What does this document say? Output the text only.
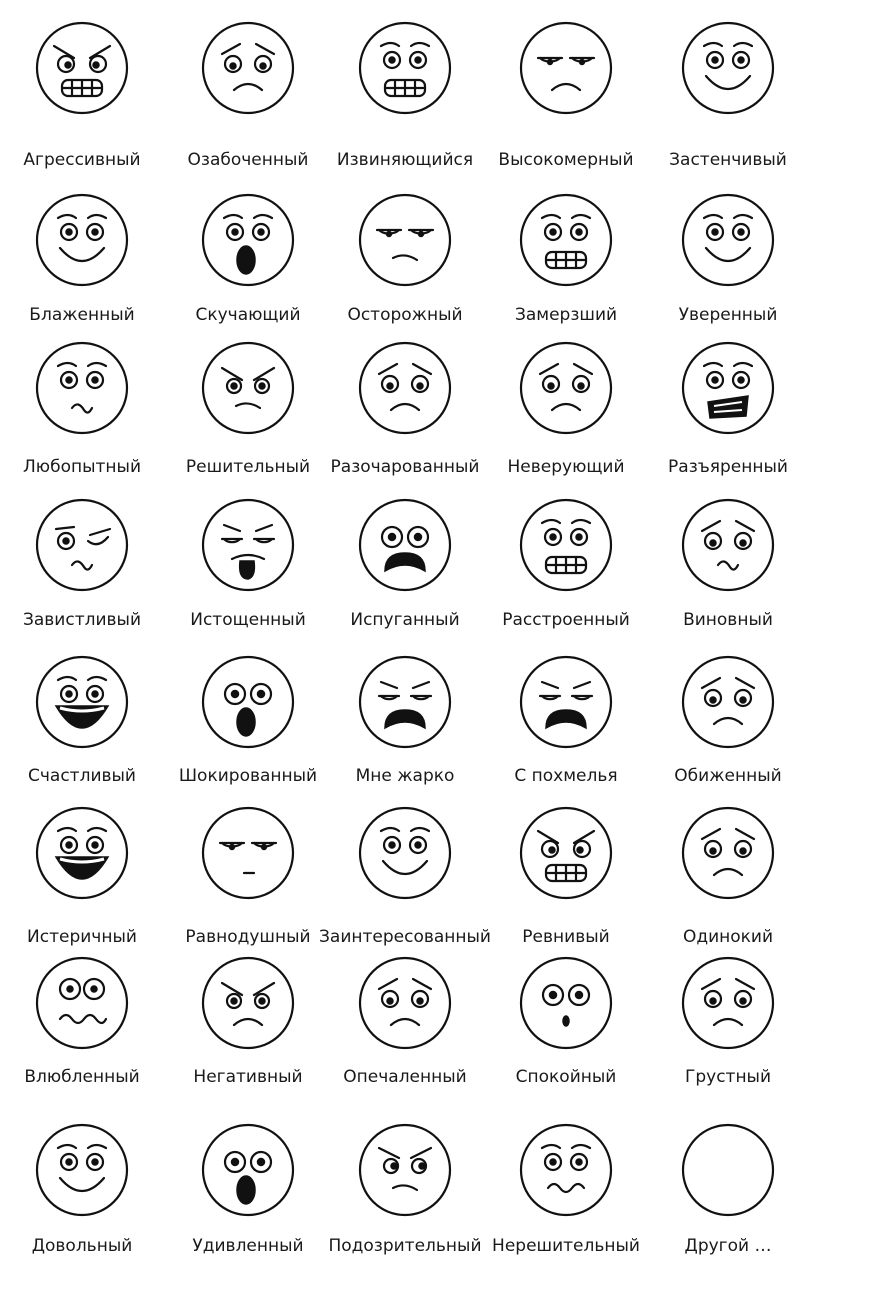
Агрессивный	Озабоченный Извиняющийся Высокомерный Застенчивый
Блаженный	Скучающий	Осторожный	Замерзший	Уверенный
Любопытный	Решительный Разочарованный Неверующий	Разъяренный
Завистливый	Истощенный	Испуганный	Расстроенный	Виновный
Счастливый	Шокированный Мне жарко	С похмелья	Обиженный
Истеричный	Равнодушный Заинтересованный Ревнивый	Одинокий
Влюбленный	Негативный Опечаленный	Спокойный	Грустный
Довольный	Удивленный Подозрительный Нерешительный	Другой …
